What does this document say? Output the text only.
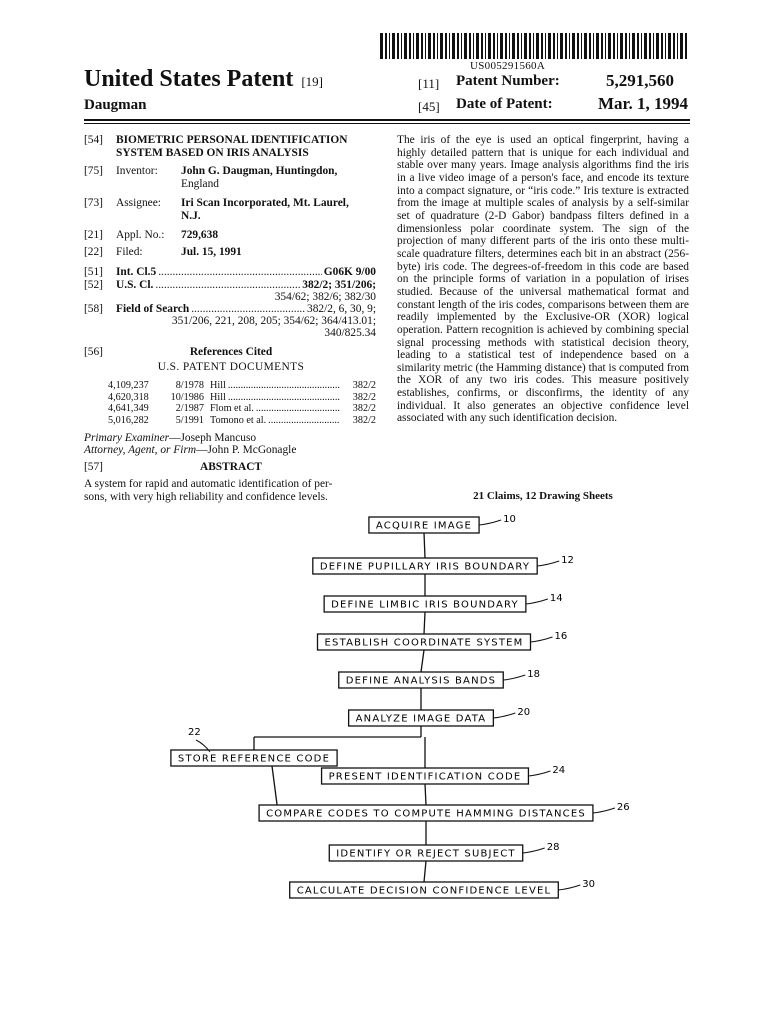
US005291560A
United States Patent [19]
Daugman
[11] Patent Number:	5,291,560
[45] Date of Patent:	Mar. 1, 1994
[54] BIOMETRIC PERSONAL IDENTIFICATION
SYSTEM BASED ON IRIS ANALYSIS
[75] Inventor: John G. Daugman, Huntingdon,
England
[73] Assignee: Iri Scan Incorporated, Mt. Laurel,
N.J.
[21] Appl. No.: 729,638
[22] Filed:	Jul. 15, 1991
[51] Int. Cl.5 .....	G06K 9/00
[52] U.S. Cl. .....	382/2; 351/206;
354/62; 382/6; 382/30
[58] Field of Search .....	382/2, 6, 30, 9;
351/206, 221, 208, 205; 354/62; 364/413.01;
340/825.34
[56]	References Cited
U.S. PATENT DOCUMENTS
4,109,237	8/1978 Hill .....	382/2
4,620,318	10/1986 Hill .....	382/2
4,641,349	2/1987 Flom et al. .....	382/2
5,016,282	5/1991 Tomono et al. .....	382/2
Primary Examiner—Joseph Mancuso
Attorney, Agent, or Firm—John P. McGonagle
[57]	ABSTRACT
A system for rapid and automatic identification of per-
sons, with very high reliability and confidence levels.
The iris of the eye is used an optical fingerprint, having a highly detailed pattern that is unique for each individual and stable over many years. Image analysis algorithms find the iris in a live video image of a person's face, and encode its texture into a compact signature, or “iris code.” Iris texture is extracted from the image at multiple scales of analysis by a self-similar set of quadrature (2-D Gabor) bandpass filters defined in a dimensionless polar coordinate system. The sign of the projection of many different parts of the iris onto these multi-scale quadrature filters, determines each bit in an abstract (256-byte) iris code. The degrees-of-freedom in this code are based on the principle forms of variation in a population of irises studied. Because of the universal mathematical format and constant length of the iris codes, comparisons between them are readily implemented by the Exclusive-OR (XOR) logical operation. Pattern recognition is achieved by combining special signal processing methods with statistical decision theory, leading to a statistical test of independence based on a similarity metric (the Hamming distance) that is computed from the XOR of any two iris codes. This measure positively establishes, confirms, or disconfirms, the identity of any individual. It also generates an objective confidence level associated with any such identification decision.
21 Claims, 12 Drawing Sheets
ACQUIRE IMAGE
DEFINE PUPILLARY IRIS BOUNDARY
DEFINE LIMBIC IRIS BOUNDARY
ESTABLISH COORDINATE SYSTEM
DEFINE ANALYSIS BANDS
ANALYZE IMAGE DATA
STORE REFERENCE CODE
PRESENT IDENTIFICATION CODE
COMPARE CODES TO COMPUTE HAMMING DISTANCES
IDENTIFY OR REJECT SUBJECT
CALCULATE DECISION CONFIDENCE LEVEL
10
12
14
16
18
20
22
24
26
28
30
